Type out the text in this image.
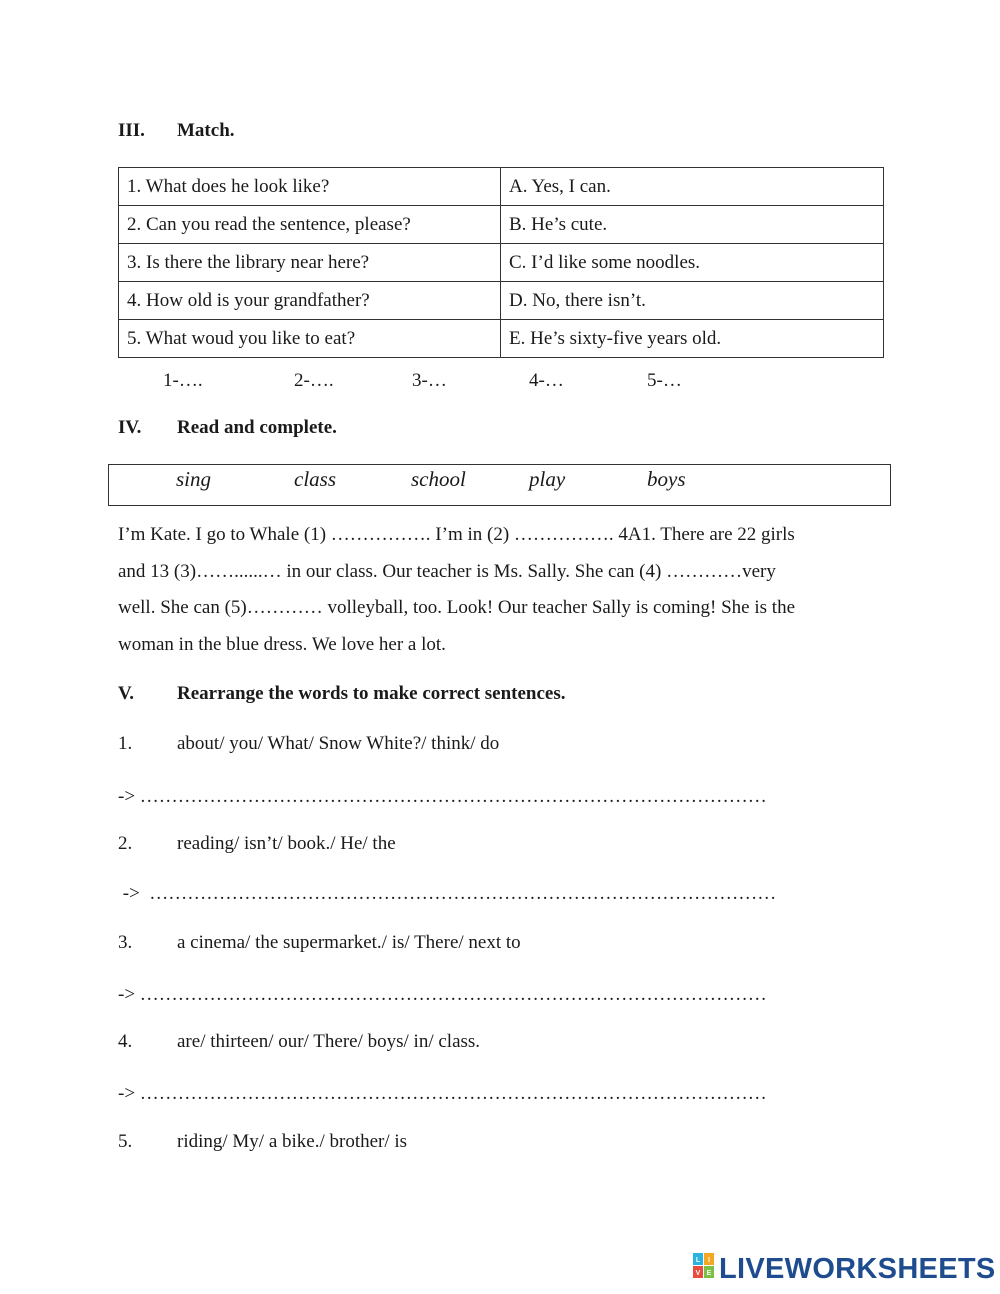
III. Match.
1. What does he look like?	A. Yes, I can.
2. Can you read the sentence, please?	B. He’s cute.
3. Is there the library near here?	C. I’d like some noodles.
4. How old is your grandfather?	D. No, there isn’t.
5. What woud you like to eat?	E. He’s sixty-five years old.
1-….	2-….	3-…	4-…	5-…
IV. Read and complete.
sing	class	school	play	boys
I’m Kate. I go to Whale (1) ……………. I’m in (2) ……………. 4A1. There are 22 girls
and 13 (3)……......… in our class. Our teacher is Ms. Sally. She can (4) …………very
well. She can (5)………… volleyball, too. Look! Our teacher Sally is coming! She is the
woman in the blue dress. We love her a lot.
V. Rearrange the words to make correct sentences.
1. about/ you/ What/ Snow White?/ think/ do
-> ………………………………………………………………………………………
2. reading/ isn’t/ book./ He/ the
->  ………………………………………………………………………………………
3. a cinema/ the supermarket./ is/ There/ next to
-> ………………………………………………………………………………………
4. are/ thirteen/ our/ There/ boys/ in/ class.
-> ………………………………………………………………………………………
5. riding/ My/ a bike./ brother/ is
L I
V E LIVEWORKSHEETS
